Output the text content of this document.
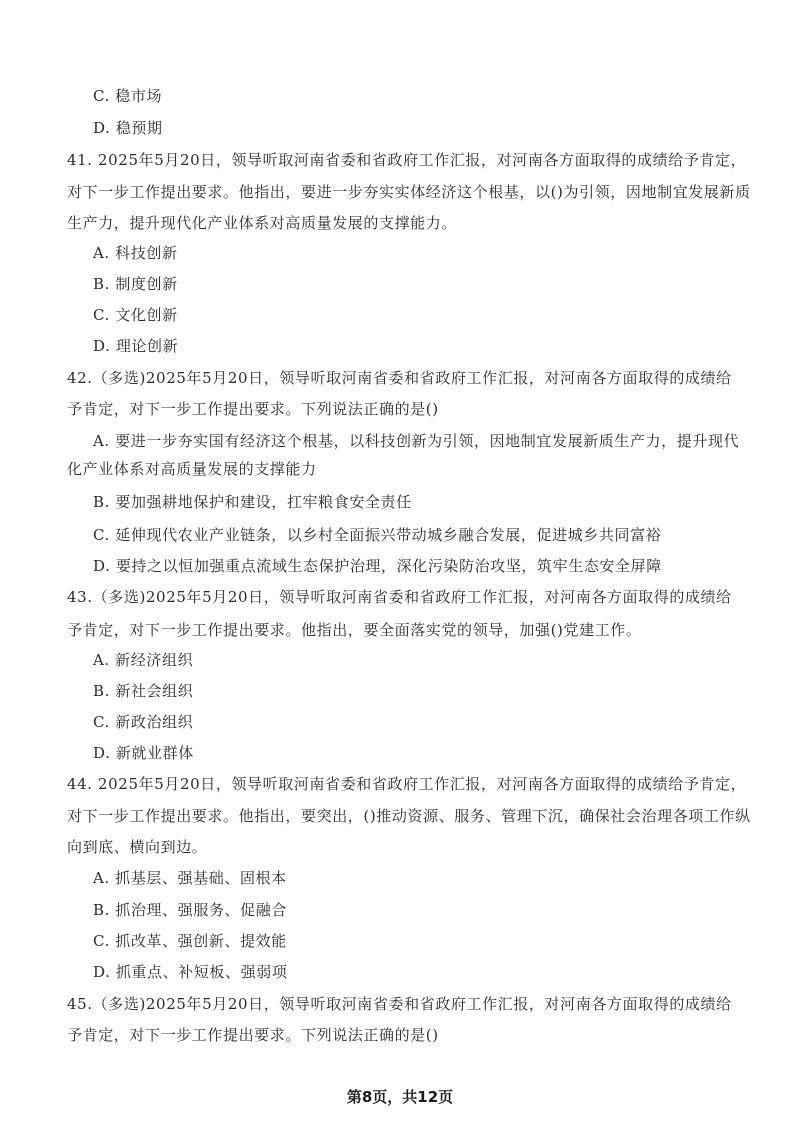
C. 稳市场
D. 稳预期
41. 2025年5月20日，领导听取河南省委和省政府工作汇报，对河南各方面取得的成绩给予肯定，
对下一步工作提出要求。他指出，要进一步夯实实体经济这个根基，以()为引领，因地制宜发展新质
生产力，提升现代化产业体系对高质量发展的支撑能力。
A. 科技创新
B. 制度创新
C. 文化创新
D. 理论创新
42.（多选)2025年5月20日，领导听取河南省委和省政府工作汇报，对河南各方面取得的成绩给
予肯定，对下一步工作提出要求。下列说法正确的是()
A. 要进一步夯实国有经济这个根基，以科技创新为引领，因地制宜发展新质生产力，提升现代
化产业体系对高质量发展的支撑能力
B. 要加强耕地保护和建设，扛牢粮食安全责任
C. 延伸现代农业产业链条，以乡村全面振兴带动城乡融合发展，促进城乡共同富裕
D. 要持之以恒加强重点流域生态保护治理，深化污染防治攻坚，筑牢生态安全屏障
43.（多选)2025年5月20日，领导听取河南省委和省政府工作汇报，对河南各方面取得的成绩给
予肯定，对下一步工作提出要求。他指出，要全面落实党的领导，加强()党建工作。
A. 新经济组织
B. 新社会组织
C. 新政治组织
D. 新就业群体
44. 2025年5月20日，领导听取河南省委和省政府工作汇报，对河南各方面取得的成绩给予肯定，
对下一步工作提出要求。他指出，要突出，()推动资源、服务、管理下沉，确保社会治理各项工作纵
向到底、横向到边。
A. 抓基层、强基础、固根本
B. 抓治理、强服务、促融合
C. 抓改革、强创新、提效能
D. 抓重点、补短板、强弱项
45.（多选)2025年5月20日，领导听取河南省委和省政府工作汇报，对河南各方面取得的成绩给
予肯定，对下一步工作提出要求。下列说法正确的是()
第8页，共12页
